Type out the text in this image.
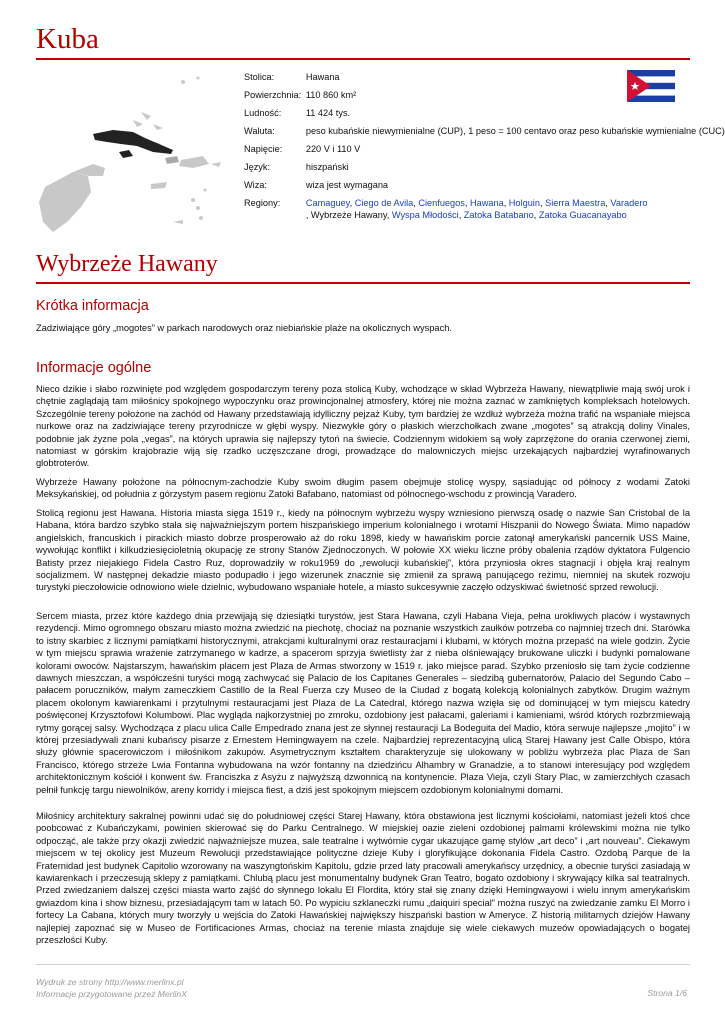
Kuba
Stolica:	Hawana
Powierzchnia:	110 860 km²
Ludność:	11 424 tys.
Waluta:	peso kubańskie niewymienialne (CUP), 1 peso = 100 centavo oraz peso kubańskie wymienialne (CUC)
Napięcie:	220 V i 110 V
Język:	hiszpański
Wiza:	wiza jest wymagana
Regiony:	Camaguey, Ciego de Avila, Cienfuegos, Hawana, Holguin, Sierra Maestra, Varadero
, Wybrzeże Hawany, Wyspa Młodości, Zatoka Batabano, Zatoka Guacanayabo
Wybrzeże Hawany
Krótka informacja

Zadziwiające góry „mogotes” w parkach narodowych oraz niebiańskie plaże na okolicznych wyspach.

Informacje ogólne

Nieco dzikie i słabo rozwinięte pod względem gospodarczym tereny poza stolicą Kuby, wchodzące w skład Wybrzeża Hawany, niewątpliwie mają swój urok i chętnie zaglądają tam miłośnicy spokojnego wypoczynku oraz prowincjonalnej atmosfery, której nie można zaznać w zamkniętych kompleksach hotelowych. Szczególnie tereny położone na zachód od Hawany przedstawiają idylliczny pejzaż Kuby, tym bardziej że wzdłuż wybrzeża można trafić na wspaniałe miejsca nurkowe oraz na zadziwiające tereny przyrodnicze w głębi wyspy. Niezwykłe góry o płaskich wierzchołkach zwane „mogotes” są atrakcją doliny Vinales, podobnie jak żyzne pola „vegas”, na których uprawia się najlepszy tytoń na świecie. Codziennym widokiem są woły zaprzężone do orania czerwonej ziemi, natomiast w górskim krajobrazie wiją się rzadko uczęszczane drogi, prowadzące do malowniczych miejsc urzekających najbardziej wyrafinowanych globtroterów.

Wybrzeże Hawany położone na północnym-zachodzie Kuby swoim długim pasem obejmuje stolicę wyspy, sąsiadując od północy z wodami Zatoki Meksykańskiej, od południa z górzystym pasem regionu Zatoki Bafabano, natomiast od północnego-wschodu z prowincją Varadero.

Stolicą regionu jest Hawana. Historia miasta sięga 1519 r., kiedy na północnym wybrzeżu wyspy wzniesiono pierwszą osadę o nazwie San Cristobal de la Habana, która bardzo szybko stała się najważniejszym portem hiszpańskiego imperium kolonialnego i wrotami Hiszpanii do Nowego Świata. Mimo napadów angielskich, francuskich i pirackich miasto dobrze prosperowało aż do roku 1898, kiedy w hawańskim porcie zatonął amerykański pancernik USS Maine, wywołując konflikt i kilkudziesięcioletnią okupację ze strony Stanów Zjednoczonych. W połowie XX wieku liczne próby obalenia rządów dyktatora Fulgencio Batisty przez niejakiego Fidela Castro Ruz, doprowadziły w roku1959 do „rewolucji kubańskiej”, która przyniosła okres stagnacji i objęła kraj realnym socjalizmem. W następnej dekadzie miasto podupadło i jego wizerunek znacznie się zmienił za sprawą panującego reżimu, niemniej na skutek rozwoju turystyki pieczołowicie odnowiono wiele dzielnic, wybudowano wspaniałe hotele, a miasto sukcesywnie zaczęło odzyskiwać świetność sprzed rewolucji.

Sercem miasta, przez które każdego dnia przewijają się dziesiątki turystów, jest Stara Hawana, czyli Habana Vieja, pełna urokliwych placów i wystawnych rezydencji. Mimo ogromnego obszaru miasto można zwiedzić na piechotę, chociaż na poznanie wszystkich zaułków potrzeba co najmniej trzech dni. Starówka to istny skarbiec z licznymi pamiątkami historycznymi, atrakcjami kulturalnymi oraz restauracjami i klubami, w których można przepaść na wiele godzin. Życie w tym miejscu sprawia wrażenie zatrzymanego w kadrze, a spacerom sprzyja świetlisty żar z nieba olśniewający brukowane uliczki i budynki pomalowane kolorami owoców. Najstarszym, hawańskim placem jest Plaza de Armas stworzony w 1519 r. jako miejsce parad. Szybko przeniosło się tam życie codzienne dawnych mieszczan, a współcześni turyści mogą zachwycać się Palacio de los Capitanes Generales – siedzibą gubernatorów, Palacio del Segundo Cabo – pałacem poruczników, małym zameczkiem Castillo de la Real Fuerza czy Museo de la Ciudad z bogatą kolekcją kolonialnych zabytków. Drugim ważnym placem okolonym kawiarenkami i przytulnymi restauracjami jest Plaza de La Catedral, którego nazwa wzięła się od dominującej w tym miejscu katedry poświęconej Krzysztofowi Kolumbowi. Plac wygląda najkorzystniej po zmroku, ozdobiony jest pałacami, galeriami i kamieniami, wśród których rozbrzmiewają rytmy gorącej salsy. Wychodząca z placu ulica Calle Empedrado znana jest ze słynnej restauracji La Bodeguita del Madio, która serwuje najlepsze „mojito” i w której przesiadywali znani kubańscy pisarze z Ernestem Hemingwayem na czele. Najbardziej reprezentacyjną ulicą Starej Hawany jest Calle Obispo, która służy głównie spacerowiczom i miłośnikom zakupów. Asymetrycznym kształtem charakteryzuje się ulokowany w pobliżu wybrzeża plac Plaza de San Francisco, którego strzeże Lwia Fontanna wybudowana na wzór fontanny na dziedzińcu Alhambry w Granadzie, a to stanowi interesujący pod względem architektonicznym kościół i konwent św. Franciszka z Asyżu z najwyższą dzwonnicą na kontynencie. Plaza Vieja, czyli Stary Plac, w zamierzchłych czasach pełnił funkcję targu niewolników, areny korridy i miejsca fiest, a dziś jest spokojnym miejscem ozdobionym kolonialnymi domami.

Miłośnicy architektury sakralnej powinni udać się do południowej części Starej Hawany, która obstawiona jest licznymi kościołami, natomiast jeżeli ktoś chce poobcować z Kubańczykami, powinien skierować się do Parku Centralnego. W miejskiej oazie zieleni ozdobionej palmami królewskimi można nie tylko odpocząć, ale także przy okazji zwiedzić najważniejsze muzea, sale teatralne i wytwórnie cygar ukazujące gamę stylów „art deco” i „art nouveau”. Ciekawym miejscem w tej okolicy jest Muzeum Rewolucji przedstawiające polityczne dzieje Kuby i gloryfikujące dokonania Fidela Castro. Ozdobą Parque de la Fraternidad jest budynek Capitolio wzorowany na waszyngtońskim Kapitolu, gdzie przed laty pracowali amerykańscy urzędnicy, a obecnie turyści zasiadają w kawiarenkach i przeczesują sklepy z pamiątkami. Chlubą placu jest monumentalny budynek Gran Teatro, bogato ozdobiony i skrywający kilka sal teatralnych. Przed zwiedzaniem dalszej części miasta warto zajść do słynnego lokalu El Flordita, który stał się znany dzięki Hemingwayowi i wielu innym amerykańskim gwiazdom kina i show biznesu, przesiadającym tam w latach 50. Po wypiciu szklaneczki rumu „daiquiri special” można ruszyć na zwiedzanie zamku El Morro i fortecy La Cabana, których mury tworzyły u wejścia do Zatoki Hawańskiej największy hiszpański bastion w Ameryce. Z historią militarnych dziejów Hawany najlepiej zapoznać się w Museo de Fortificaciones Armas, chociaż na terenie miasta znajduje się wiele ciekawych muzeów opowiadających o bogatej przeszłości Kuby.

Wydruk ze strony http://www.merlinx.pl
Informacje przygotowane przez MerlinX	Strona 1/6
